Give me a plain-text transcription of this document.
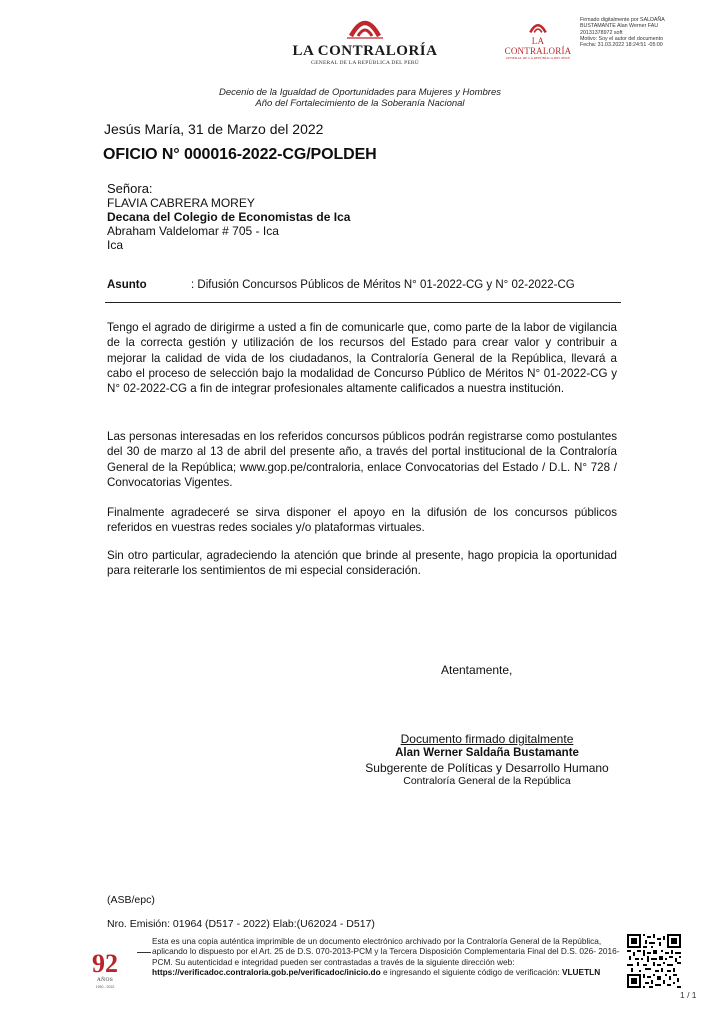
LA CONTRALORÍA
GENERAL DE LA REPÚBLICA DEL PERÚ
LA CONTRALORÍA
GENERAL DE LA REPÚBLICA DEL PERÚ
Firmado digitalmente por SALDAÑA
BUSTAMANTE Alan Werner FAU
20131378972 soft
Motivo: Soy el autor del documento
Fecha: 31.03.2022 18:24:51 -05:00
Decenio de la Igualdad de Oportunidades para Mujeres y Hombres
Año del Fortalecimiento de la Soberanía Nacional
Jesús María, 31 de Marzo del 2022
OFICIO N° 000016-2022-CG/POLDEH
Señora:
FLAVIA CABRERA MOREY
Decana del Colegio de Economistas de Ica
Abraham Valdelomar # 705 - Ica
Ica
Asunto	: Difusión Concursos Públicos de Méritos N° 01-2022-CG y N° 02-2022-CG
Tengo el agrado de dirigirme a usted a fin de comunicarle que, como parte de la labor de vigilancia de la correcta gestión y utilización de los recursos del Estado para crear valor y contribuir a mejorar la calidad de vida de los ciudadanos, la Contraloría General de la República, llevará a cabo el proceso de selección bajo la modalidad de Concurso Público de Méritos N° 01-2022-CG y N° 02-2022-CG a fin de integrar profesionales altamente calificados a nuestra institución.
Las personas interesadas en los referidos concursos públicos podrán registrarse como postulantes del 30 de marzo al 13 de abril del presente año, a través del portal institucional de la Contraloría General de la República; www.gop.pe/contraloria, enlace Convocatorias del Estado / D.L. N° 728 / Convocatorias Vigentes.
Finalmente agradeceré se sirva disponer el apoyo en la difusión de los concursos públicos referidos en vuestras redes sociales y/o plataformas virtuales.
Sin otro particular, agradeciendo la atención que brinde al presente, hago propicia la oportunidad para reiterarle los sentimientos de mi especial consideración.
Atentamente,
Documento firmado digitalmente
Alan Werner Saldaña Bustamante
Subgerente de Políticas y Desarrollo Humano
Contraloría General de la República
(ASB/epc)
Nro. Emisión: 01964 (D517 - 2022) Elab:(U62024 - D517)
92
AÑOS
1930 - 2022
Esta es una copia auténtica imprimible de un documento electrónico archivado por la Contraloría General de la República, aplicando lo dispuesto por el Art. 25 de D.S. 070-2013-PCM y la Tercera Disposición Complementaria Final del D.S. 026- 2016-PCM. Su autenticidad e integridad pueden ser contrastadas a través de la siguiente dirección web: https://verificadoc.contraloria.gob.pe/verificadoc/inicio.do e ingresando el siguiente código de verificación: VLUETLN
1 / 1
